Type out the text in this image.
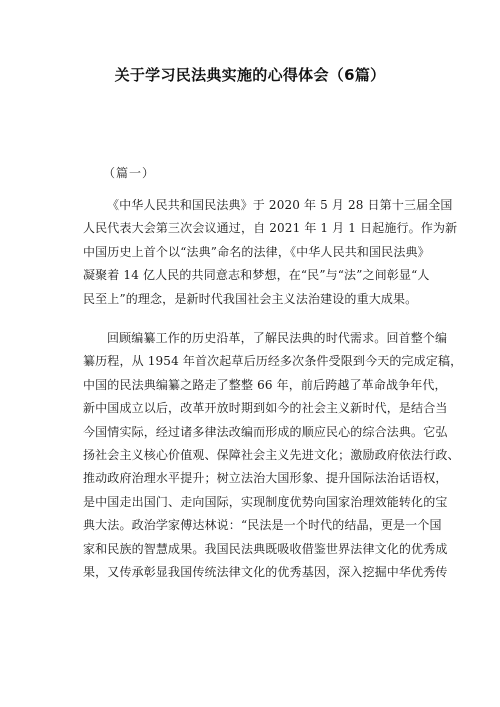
关于学习民法典实施的心得体会（6篇）
（篇一）
《中华人民共和国民法典》于 2020 年 5 月 28 日第十三届全国
人民代表大会第三次会议通过，自 2021 年 1 月 1 日起施行。作为新
中国历史上首个以“法典”命名的法律，《中华人民共和国民法典》
凝聚着 14 亿人民的共同意志和梦想，在“民”与“法”之间彰显“人
民至上”的理念，是新时代我国社会主义法治建设的重大成果。
回顾编纂工作的历史沿革，了解民法典的时代需求。回首整个编
纂历程，从 1954 年首次起草后历经多次条件受限到今天的完成定稿，
中国的民法典编纂之路走了整整 66 年，前后跨越了革命战争年代，
新中国成立以后，改革开放时期到如今的社会主义新时代，是结合当
今国情实际，经过诸多律法改编而形成的顺应民心的综合法典。它弘
扬社会主义核心价值观、保障社会主义先进文化；激励政府依法行政、
推动政府治理水平提升；树立法治大国形象、提升国际法治话语权，
是中国走出国门、走向国际，实现制度优势向国家治理效能转化的宝
典大法。政治学家傅达林说：“民法是一个时代的结晶，更是一个国
家和民族的智慧成果。我国民法典既吸收借鉴世界法律文化的优秀成
果，又传承彰显我国传统法律文化的优秀基因，深入挖掘中华优秀传
